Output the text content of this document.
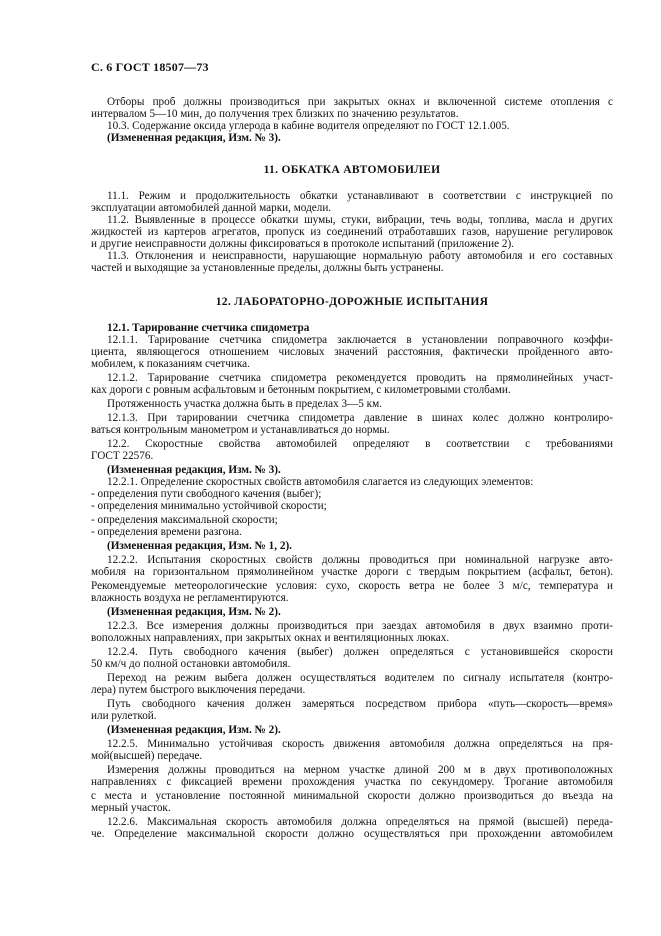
С. 6 ГОСТ 18507—73
Отборы проб должны производиться при закрытых окнах и включенной системе отопления с
интервалом 5—10 мин, до получения трех близких по значению результатов.
10.3. Содержание оксида углерода в кабине водителя определяют по ГОСТ 12.1.005.
(Измененная редакция, Изм. № 3).
11. ОБКАТКА АВТОМОБИЛЕЙ
11.1. Режим и продолжительность обкатки устанавливают в соответствии с инструкцией по
эксплуатации автомобилей данной марки, модели.
11.2. Выявленные в процессе обкатки шумы, стуки, вибрации, течь воды, топлива, масла и других
жидкостей из картеров агрегатов, пропуск из соединений отработавших газов, нарушение регулировок
и другие неисправности должны фиксироваться в протоколе испытаний (приложение 2).
11.3. Отклонения и неисправности, нарушающие нормальную работу автомобиля и его составных
частей и выходящие за установленные пределы, должны быть устранены.
12. ЛАБОРАТОРНО-ДОРОЖНЫЕ ИСПЫТАНИЯ
12.1. Тарирование счетчика спидометра
12.1.1. Тарирование счетчика спидометра заключается в установлении поправочного коэффи-
циента, являющегося отношением числовых значений расстояния, фактически пройденного авто-
мобилем, к показаниям счетчика.
12.1.2. Тарирование счетчика спидометра рекомендуется проводить на прямолинейных участ-
ках дороги с ровным асфальтовым и бетонным покрытием, с километровыми столбами.
Протяженность участка должна быть в пределах 3—5 км.
12.1.3. При тарировании счетчика спидометра давление в шинах колес должно контролиро-
ваться контрольным манометром и устанавливаться до нормы.
12.2. Скоростные свойства автомобилей определяют в соответствии с требованиями
ГОСТ 22576.
(Измененная редакция, Изм. № 3).
12.2.1. Определение скоростных свойств автомобиля слагается из следующих элементов:
- определения пути свободного качения (выбег);
- определения минимально устойчивой скорости;
- определения максимальной скорости;
- определения времени разгона.
(Измененная редакция, Изм. № 1, 2).
12.2.2. Испытания скоростных свойств должны проводиться при номинальной нагрузке авто-
мобиля на горизонтальном прямолинейном участке дороги с твердым покрытием (асфальт, бетон).
Рекомендуемые метеорологические условия: сухо, скорость ветра не более 3 м/с, температура и
влажность воздуха не регламентируются.
(Измененная редакция, Изм. № 2).
12.2.3. Все измерения должны производиться при заездах автомобиля в двух взаимно проти-
воположных направлениях, при закрытых окнах и вентиляционных люках.
12.2.4. Путь свободного качения (выбег) должен определяться с установившейся скорости
50 км/ч до полной остановки автомобиля.
Переход на режим выбега должен осуществляться водителем по сигналу испытателя (контро-
лера) путем быстрого выключения передачи.
Путь свободного качения должен замеряться посредством прибора «путь—скорость—время»
или рулеткой.
(Измененная редакция, Изм. № 2).
12.2.5. Минимально устойчивая скорость движения автомобиля должна определяться на пря-
мой(высшей) передаче.
Измерения должны проводиться на мерном участке длиной 200 м в двух противоположных
направлениях с фиксацией времени прохождения участка по секундомеру. Трогание автомобиля
с места и установление постоянной минимальной скорости должно производиться до въезда на
мерный участок.
12.2.6. Максимальная скорость автомобиля должна определяться на прямой (высшей) переда-
че. Определение максимальной скорости должно осуществляться при прохождении автомобилем
